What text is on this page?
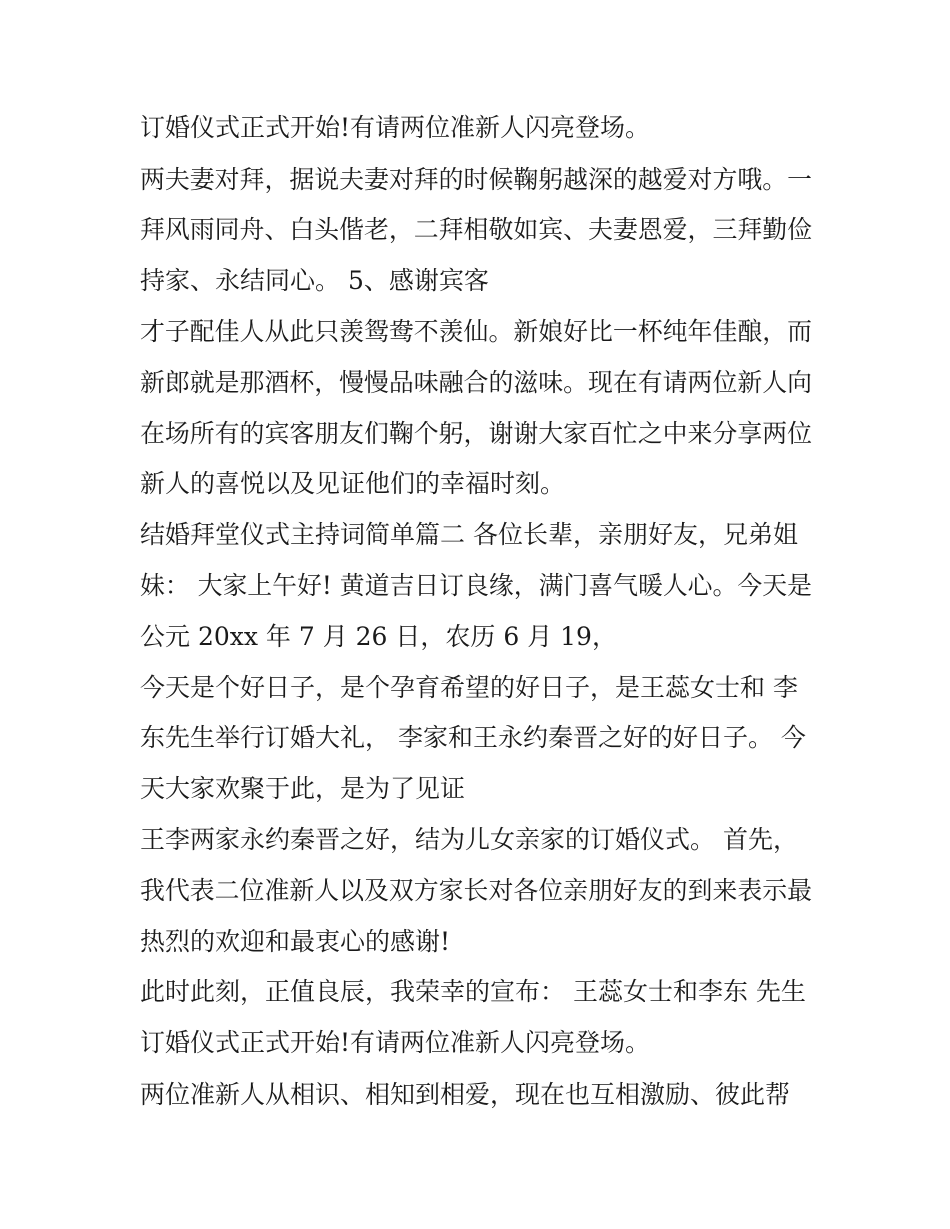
订婚仪式正式开始!有请两位准新人闪亮登场。

两夫妻对拜，据说夫妻对拜的时候鞠躬越深的越爱对方哦。一

拜风雨同舟、白头偕老，二拜相敬如宾、夫妻恩爱，三拜勤俭

持家、永结同心。 5、感谢宾客

才子配佳人从此只羡鸳鸯不羡仙。新娘好比一杯纯年佳酿，而

新郎就是那酒杯，慢慢品味融合的滋味。现在有请两位新人向

在场所有的宾客朋友们鞠个躬，谢谢大家百忙之中来分享两位

新人的喜悦以及见证他们的幸福时刻。

结婚拜堂仪式主持词简单篇二 各位长辈，亲朋好友，兄弟姐

妹： 大家上午好! 黄道吉日订良缘，满门喜气暖人心。今天是

公元 20xx 年 7 月 26 日，农历 6 月 19，

今天是个好日子，是个孕育希望的好日子，是王蕊女士和 李

东先生举行订婚大礼， 李家和王永约秦晋之好的好日子。 今

天大家欢聚于此，是为了见证

王李两家永约秦晋之好，结为儿女亲家的订婚仪式。 首先，

我代表二位准新人以及双方家长对各位亲朋好友的到来表示最

热烈的欢迎和最衷心的感谢!

此时此刻，正值良辰，我荣幸的宣布： 王蕊女士和李东 先生

订婚仪式正式开始!有请两位准新人闪亮登场。

两位准新人从相识、相知到相爱，现在也互相激励、彼此帮
